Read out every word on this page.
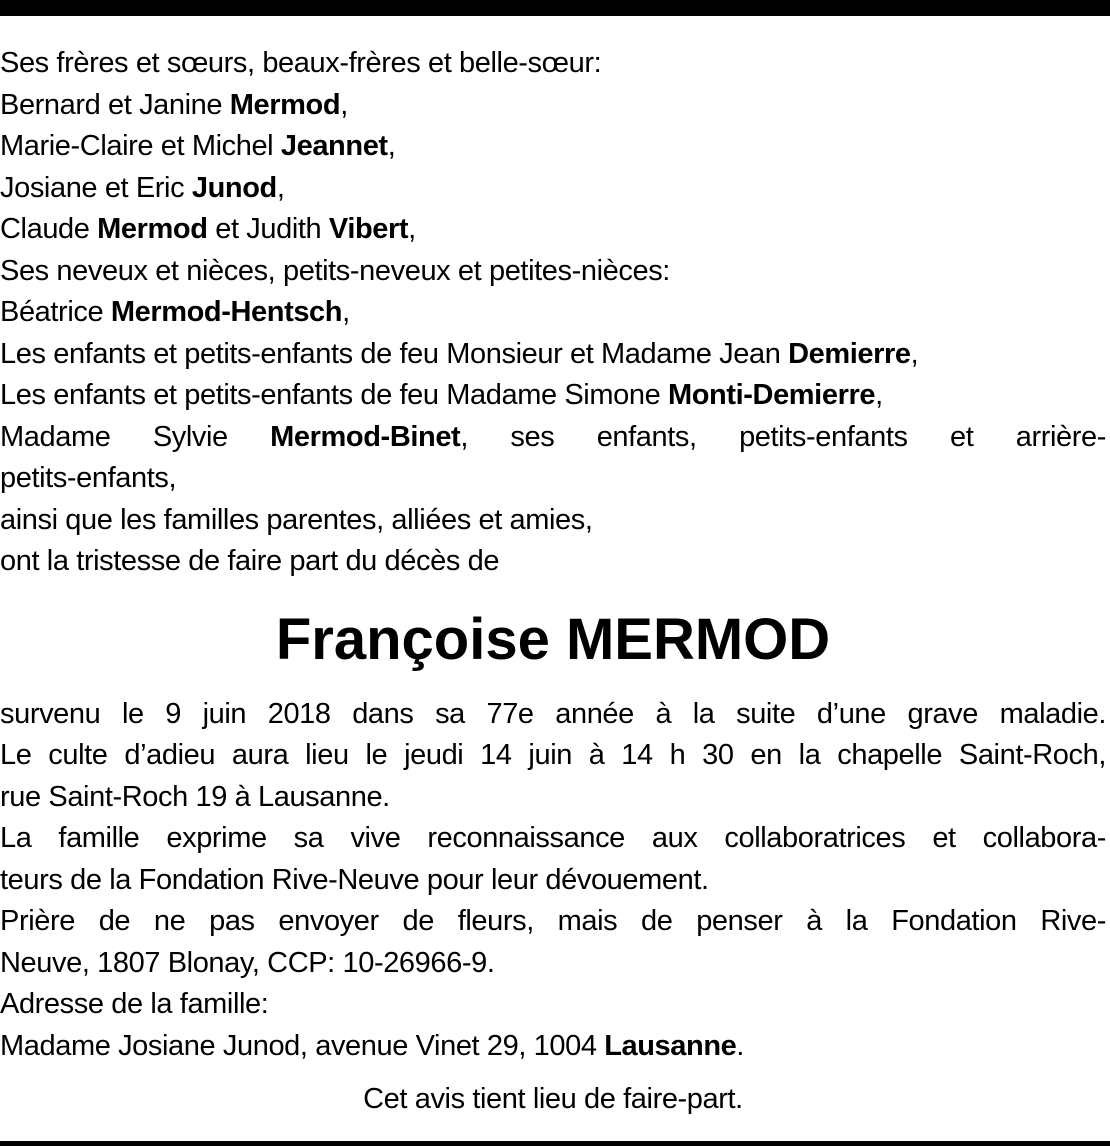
Ses frères et sœurs, beaux-frères et belle-sœur:

Bernard et Janine Mermod,

Marie-Claire et Michel Jeannet,

Josiane et Eric Junod,

Claude Mermod et Judith Vibert,

Ses neveux et nièces, petits-neveux et petites-nièces:

Béatrice Mermod-Hentsch,

Les enfants et petits-enfants de feu Monsieur et Madame Jean Demierre,

Les enfants et petits-enfants de feu Madame Simone Monti-Demierre,

Madame Sylvie Mermod-Binet, ses enfants, petits-enfants et arrière-

petits-enfants,

ainsi que les familles parentes, alliées et amies,

ont la tristesse de faire part du décès de

Françoise MERMOD

survenu le 9 juin 2018 dans sa 77e année à la suite d’une grave maladie.

Le culte d’adieu aura lieu le jeudi 14 juin à 14 h 30 en la chapelle Saint-Roch,

rue Saint-Roch 19 à Lausanne.

La famille exprime sa vive reconnaissance aux collaboratrices et collabora-

teurs de la Fondation Rive-Neuve pour leur dévouement.

Prière de ne pas envoyer de fleurs, mais de penser à la Fondation Rive-

Neuve, 1807 Blonay, CCP: 10-26966-9.

Adresse de la famille:

Madame Josiane Junod, avenue Vinet 29, 1004 Lausanne.

Cet avis tient lieu de faire-part.
